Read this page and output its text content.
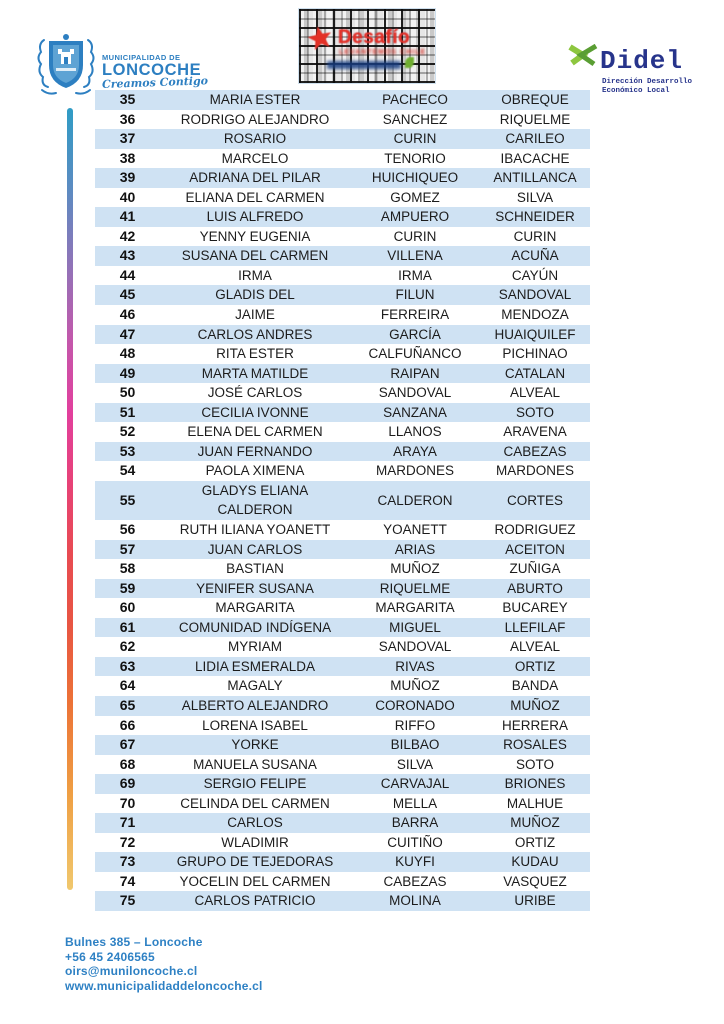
MUNICIPALIDAD DE
LONCOCHE
Creamos Contigo
Desafío
LEVANTEMOS CHILE	Didel
Dirección Desarrollo
Económico Local
35	MARIA ESTER	PACHECO	OBREQUE
36	RODRIGO ALEJANDRO	SANCHEZ	RIQUELME
37	ROSARIO	CURIN	CARILEO
38	MARCELO	TENORIO	IBACACHE
39	ADRIANA DEL PILAR	HUICHIQUEO	ANTILLANCA
40	ELIANA DEL CARMEN	GOMEZ	SILVA
41	LUIS ALFREDO	AMPUERO	SCHNEIDER
42	YENNY EUGENIA	CURIN	CURIN
43	SUSANA DEL CARMEN	VILLENA	ACUÑA
44	IRMA	IRMA	CAYÚN
45	GLADIS DEL	FILUN	SANDOVAL
46	JAIME	FERREIRA	MENDOZA
47	CARLOS ANDRES	GARCÍA	HUAIQUILEF
48	RITA ESTER	CALFUÑANCO	PICHINAO
49	MARTA MATILDE	RAIPAN	CATALAN
50	JOSÉ CARLOS	SANDOVAL	ALVEAL
51	CECILIA IVONNE	SANZANA	SOTO
52	ELENA DEL CARMEN	LLANOS	ARAVENA
53	JUAN FERNANDO	ARAYA	CABEZAS
54	PAOLA XIMENA	MARDONES	MARDONES
55	GLADYS ELIANA CALDERON	CALDERON	CORTES
56	RUTH ILIANA YOANETT	YOANETT	RODRIGUEZ
57	JUAN CARLOS	ARIAS	ACEITON
58	BASTIAN	MUÑOZ	ZUÑIGA
59	YENIFER SUSANA	RIQUELME	ABURTO
60	MARGARITA	MARGARITA	BUCAREY
61	COMUNIDAD INDÍGENA	MIGUEL	LLEFILAF
62	MYRIAM	SANDOVAL	ALVEAL
63	LIDIA ESMERALDA	RIVAS	ORTIZ
64	MAGALY	MUÑOZ	BANDA
65	ALBERTO ALEJANDRO	CORONADO	MUÑOZ
66	LORENA ISABEL	RIFFO	HERRERA
67	YORKE	BILBAO	ROSALES
68	MANUELA SUSANA	SILVA	SOTO
69	SERGIO FELIPE	CARVAJAL	BRIONES
70	CELINDA DEL CARMEN	MELLA	MALHUE
71	CARLOS	BARRA	MUÑOZ
72	WLADIMIR	CUITIÑO	ORTIZ
73	GRUPO DE TEJEDORAS	KUYFI	KUDAU
74	YOCELIN DEL CARMEN	CABEZAS	VASQUEZ
75	CARLOS PATRICIO	MOLINA	URIBE
Bulnes 385 – Loncoche
+56 45 2406565
oirs@muniloncoche.cl
www.municipalidaddeloncoche.cl
